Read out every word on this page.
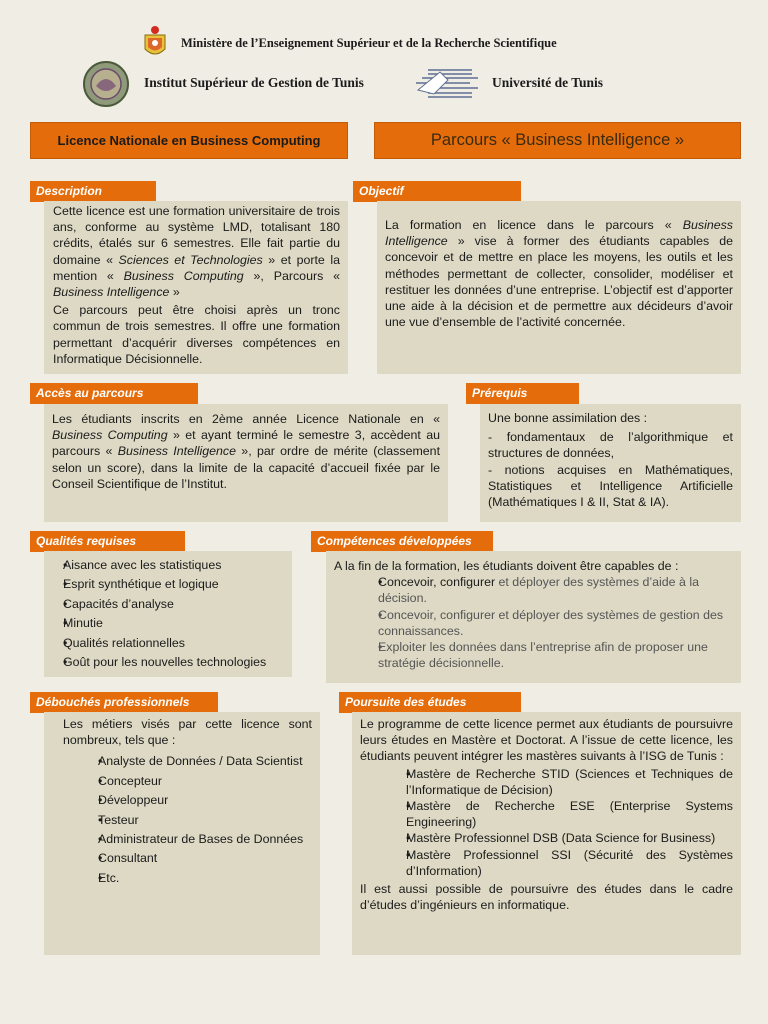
Ministère de l’Enseignement Supérieur et de la Recherche Scientifique
Institut Supérieur de Gestion de Tunis	Université de Tunis
Licence Nationale en Business Computing	Parcours « Business Intelligence »
Description

Cette licence est une formation universitaire de trois ans, conforme au système LMD, totalisant 180 crédits, étalés sur 6 semestres. Elle fait partie du domaine « Sciences et Technologies » et porte la mention « Business Computing », Parcours « Business Intelligence »

Ce parcours peut être choisi après un tronc commun de trois semestres. Il offre une formation permettant d’acquérir diverses compétences en Informatique Décisionnelle.

Objectif

La formation en licence dans le parcours « Business Intelligence » vise à former des étudiants capables de concevoir et de mettre en place les moyens, les outils et les méthodes permettant de collecter, consolider, modéliser et restituer les données d’une entreprise. L’objectif est d’apporter une aide à la décision et de permettre aux décideurs d’avoir une vue d’ensemble de l’activité concernée.

Accès au parcours

Les étudiants inscrits en 2ème année Licence Nationale en « Business Computing » et ayant terminé le semestre 3, accèdent au parcours « Business Intelligence », par ordre de mérite (classement selon un score), dans la limite de la capacité d’accueil fixée par le Conseil Scientifique de l’Institut.

Prérequis

Une bonne assimilation des :

- fondamentaux de l’algorithmique et structures de données,

- notions acquises en Mathématiques, Statistiques et Intelligence Artificielle (Mathématiques I & II, Stat & IA).

Qualités requises
• Aisance avec les statistiques
• Esprit synthétique et logique
• Capacités d’analyse
• Minutie
• Qualités relationnelles
• Goût pour les nouvelles technologies
Compétences développées

A la fin de la formation, les étudiants doivent être capables de :

• Concevoir, configurer et déployer des systèmes d’aide à la décision.
• Concevoir, configurer et déployer des systèmes de gestion des connaissances.
• Exploiter les données dans l’entreprise afin de proposer une stratégie décisionnelle.
Débouchés professionnels

Les métiers visés par cette licence sont nombreux, tels que :

• Analyste de Données / Data Scientist
• Concepteur
• Développeur
• Testeur
• Administrateur de Bases de Données
• Consultant
• Etc.
Poursuite des études

Le programme de cette licence permet aux étudiants de poursuivre leurs études en Mastère et Doctorat. A l’issue de cette licence, les étudiants peuvent intégrer les mastères suivants à l’ISG de Tunis :

• Mastère de Recherche STID (Sciences et Techniques de l’Informatique de Décision)
• Mastère de Recherche ESE (Enterprise Systems Engineering)
• Mastère Professionnel DSB (Data Science for Business)
• Mastère Professionnel SSI (Sécurité des Systèmes d’Information)

Il est aussi possible de poursuivre des études dans le cadre d’études d’ingénieurs en informatique.
